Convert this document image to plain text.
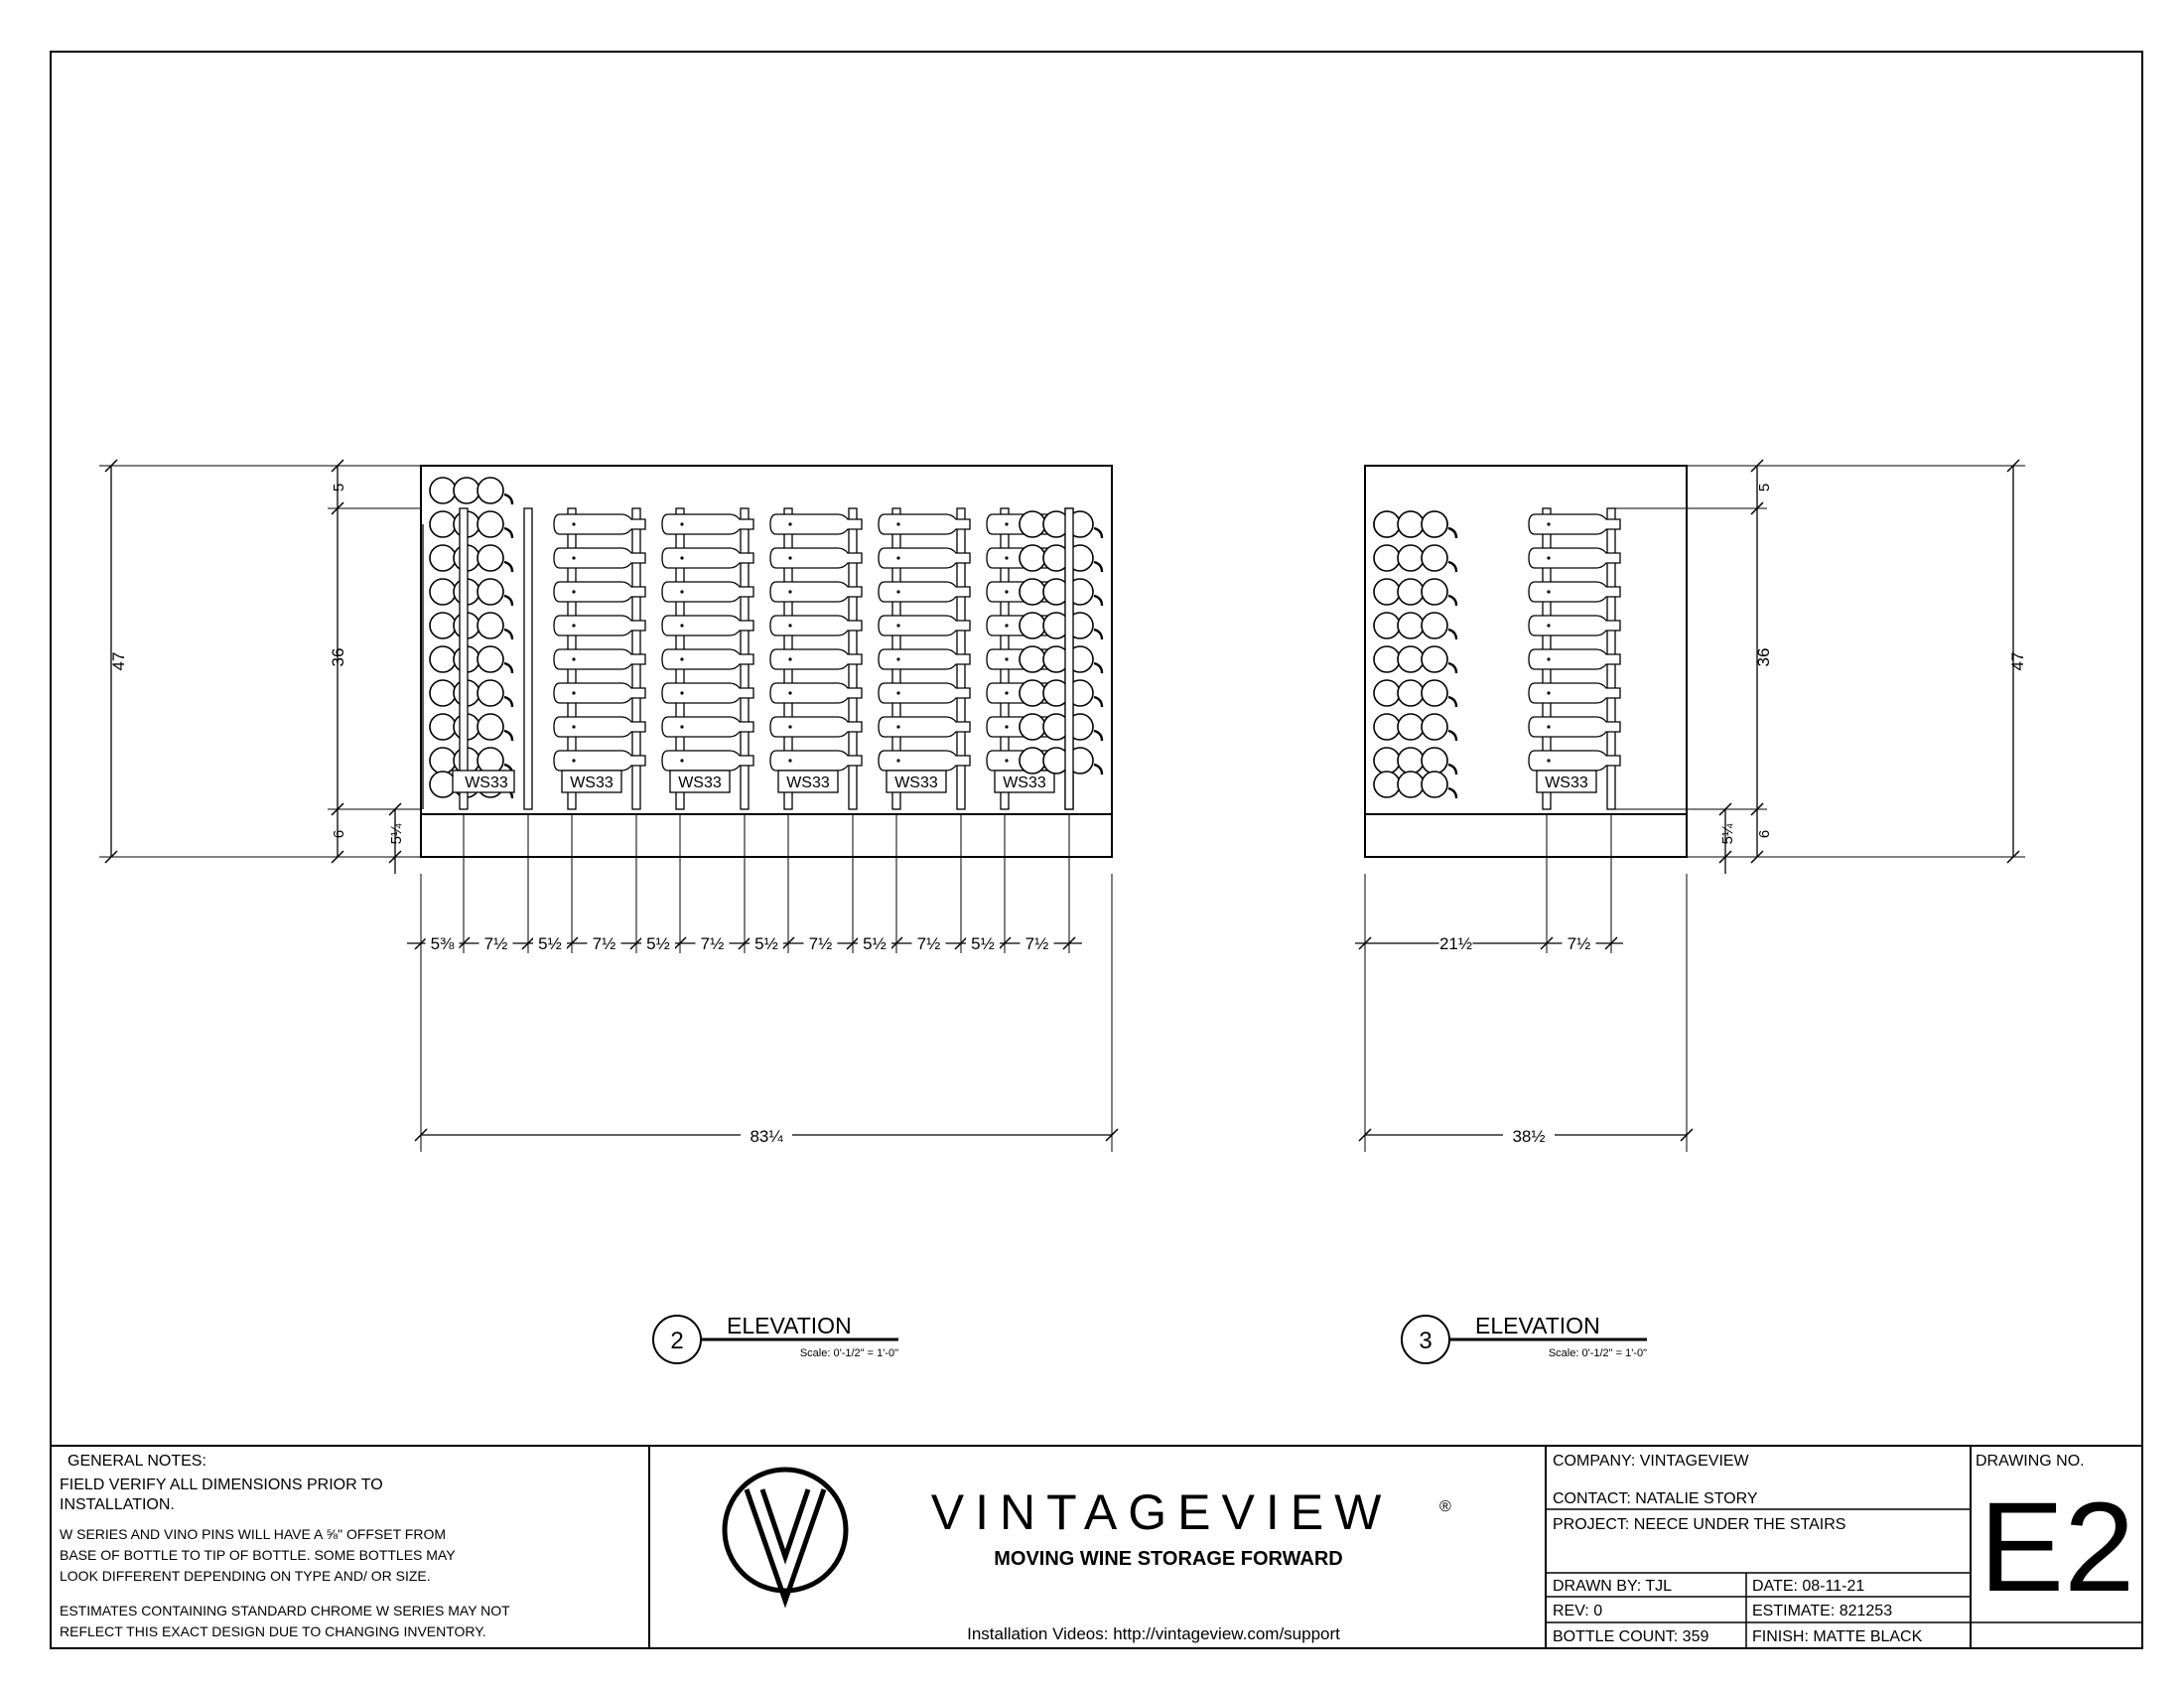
WS33	WS33	WS33	WS33	WS33
WS33	WS33
47	36
5
6	5¼
83¼
47
36
5
6
5¼
38½
5⅜ 7½ 5½ 7½ 5½ 7½ 5½ 7½ 5½ 7½ 5½ 7½	21½	7½
2
ELEVATION
Scale: 0'-1/2" = 1'-0"	3
ELEVATION
Scale: 0'-1/2" = 1'-0"
VINTAGEVIEW	®
MOVING WINE STORAGE FORWARD
Installation Videos: http://vintageview.com/support
GENERAL NOTES:
FIELD VERIFY ALL DIMENSIONS PRIOR TO
INSTALLATION.
W SERIES AND VINO PINS WILL HAVE A ⅝" OFFSET FROM
BASE OF BOTTLE TO TIP OF BOTTLE. SOME BOTTLES MAY
LOOK DIFFERENT DEPENDING ON TYPE AND/ OR SIZE.
ESTIMATES CONTAINING STANDARD CHROME W SERIES MAY NOT
REFLECT THIS EXACT DESIGN DUE TO CHANGING INVENTORY.
COMPANY: VINTAGEVIEW
CONTACT: NATALIE STORY
PROJECT: NEECE UNDER THE STAIRS
DRAWN BY: TJL	DATE: 08-11-21
REV: 0	ESTIMATE: 821253
BOTTLE COUNT: 359	FINISH: MATTE BLACK
DRAWING NO.
E2
